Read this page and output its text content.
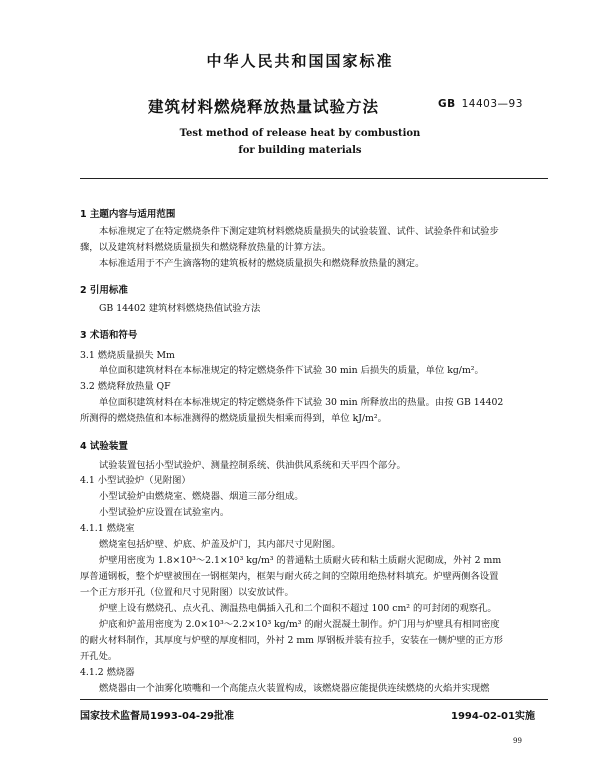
中华人民共和国国家标准
建筑材料燃烧释放热量试验方法	GB 14403—93
Test method of release heat by combustion
for building materials
1 主题内容与适用范围
本标准规定了在特定燃烧条件下测定建筑材料燃烧质量损失的试验装置、试件、试验条件和试验步
骤，以及建筑材料燃烧质量损失和燃烧释放热量的计算方法。
本标准适用于不产生滴落物的建筑板材的燃烧质量损失和燃烧释放热量的测定。
2 引用标准
GB 14402 建筑材料燃烧热值试验方法
3 术语和符号
3.1 燃烧质量损失 Mm
单位面积建筑材料在本标准规定的特定燃烧条件下试验 30 min 后损失的质量，单位 kg/m²。
3.2 燃烧释放热量 QF
单位面积建筑材料在本标准规定的特定燃烧条件下试验 30 min 所释放出的热量。由按 GB 14402
所测得的燃烧热值和本标准测得的燃烧质量损失相乘而得到，单位 kJ/m²。
4 试验装置
试验装置包括小型试验炉、测量控制系统、供油供风系统和天平四个部分。
4.1 小型试验炉（见附图）
小型试验炉由燃烧室、燃烧器、烟道三部分组成。
小型试验炉应设置在试验室内。
4.1.1 燃烧室
燃烧室包括炉壁、炉底、炉盖及炉门，其内部尺寸见附图。
炉壁用密度为 1.8×10³～2.1×10³ kg/m³ 的普通粘土质耐火砖和粘土质耐火泥砌成，外衬 2 mm
厚普通钢板，整个炉壁被围在一钢框架内，框架与耐火砖之间的空隙用绝热材料填充。炉壁两侧各设置
一个正方形开孔（位置和尺寸见附图）以安放试件。
炉壁上设有燃烧孔、点火孔、测温热电偶插入孔和二个面积不超过 100 cm² 的可封闭的观察孔。
炉底和炉盖用密度为 2.0×10³～2.2×10³ kg/m³ 的耐火混凝土制作。炉门用与炉壁具有相同密度
的耐火材料制作，其厚度与炉壁的厚度相同，外衬 2 mm 厚钢板并装有拉手，安装在一侧炉壁的正方形
开孔处。
4.1.2 燃烧器
燃烧器由一个油雾化喷嘴和一个高能点火装置构成，该燃烧器应能提供连续燃烧的火焰并实现燃
国家技术监督局1993-04-29批准	1994-02-01实施
99
